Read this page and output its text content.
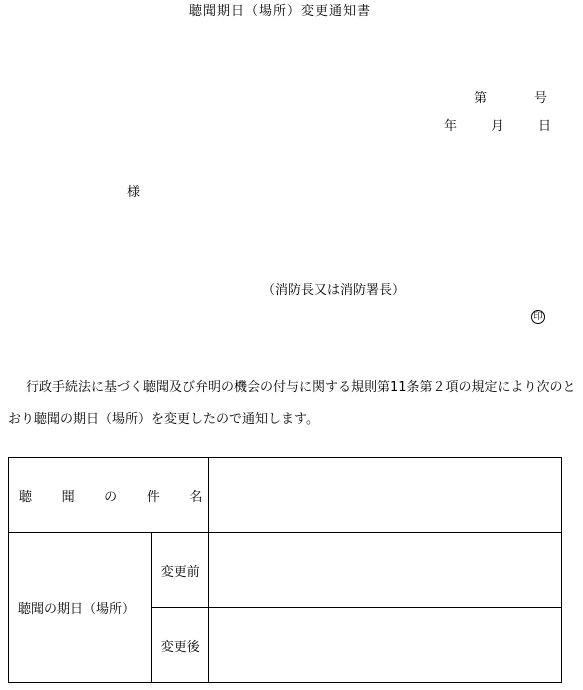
聴聞期日（場所）変更通知書
第	号
年	月	日
様
（消防長又は消防署長）
印
行政手続法に基づく聴聞及び弁明の機会の付与に関する規則第11条第２項の規定により次のとおり聴聞の期日（場所）を変更したので通知します。
聴 聞 の 件 名		

聴聞の期日（場所）	変更前	
	変更後	
